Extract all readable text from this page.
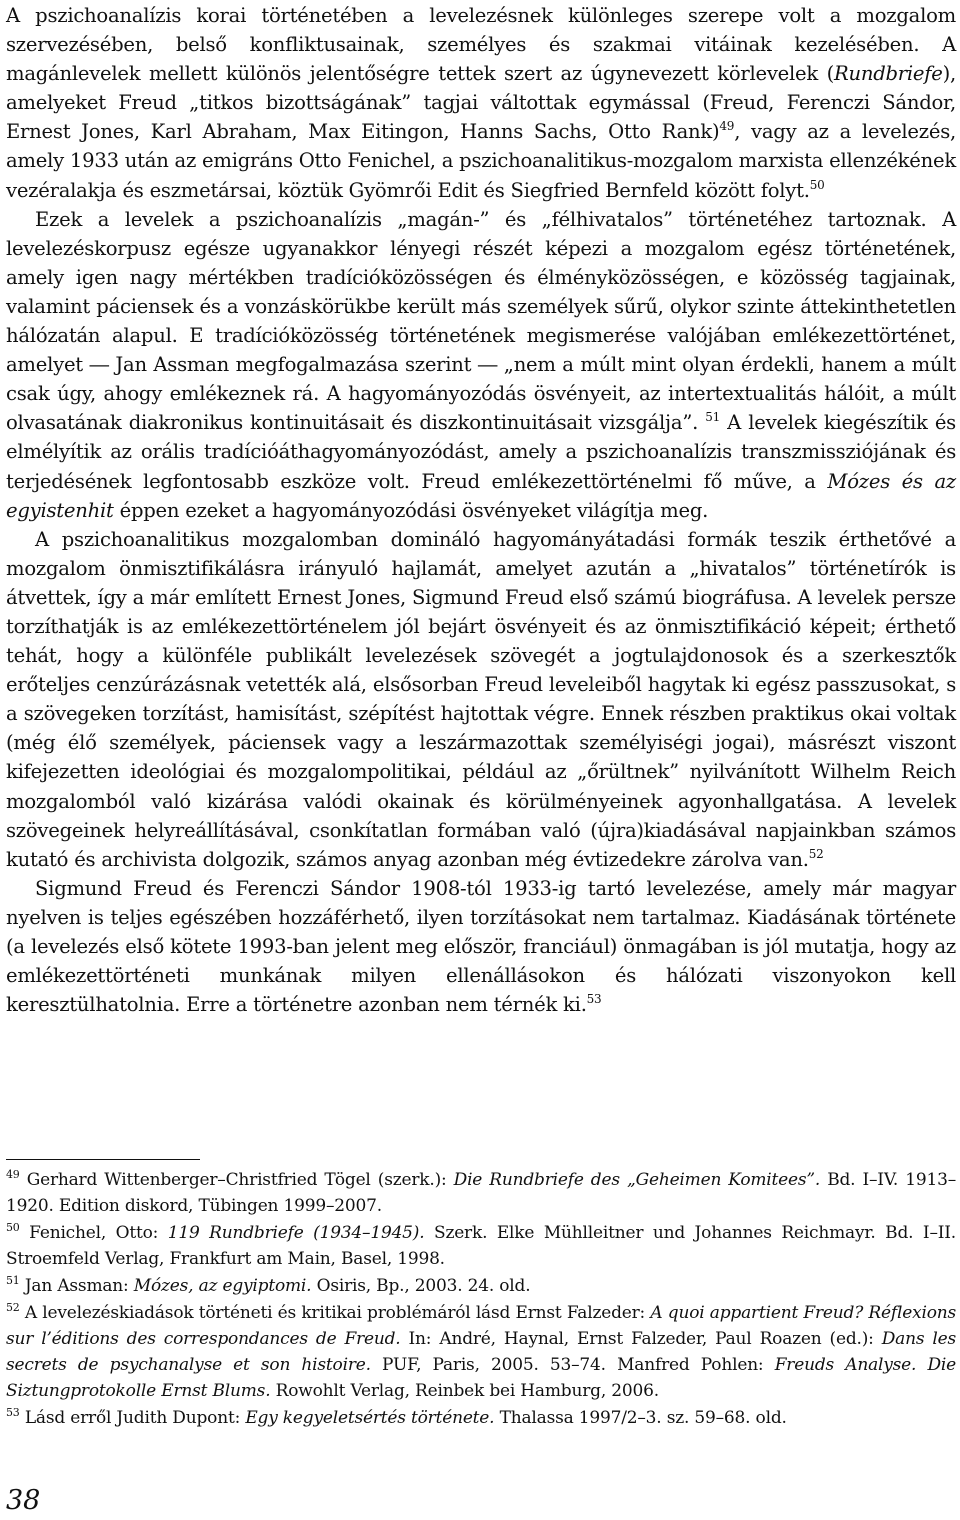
A pszichoanalízis korai történetében a levelezésnek különleges szerepe volt a mozgalom szervezésében, belső konfliktusainak, személyes és szakmai vitáinak kezelésében. A magánlevelek mellett különös jelentőségre tettek szert az úgynevezett körlevelek (Rundbriefe), amelyeket Freud „titkos bizottságának” tagjai váltottak egymással (Freud, Ferenczi Sándor, Ernest Jones, Karl Abraham, Max Eitingon, Hanns Sachs, Otto Rank)$^{49}$, vagy az a levelezés, amely 1933 után az emigráns Otto Fenichel, a pszichoanalitikus-mozgalom marxista ellenzékének vezéralakja és eszmetársai, köztük Gyömrői Edit és Siegfried Bernfeld között folyt.$^{50}$

Ezek a levelek a pszichoanalízis „magán-” és „félhivatalos” történetéhez tartoznak. A levelezéskorpusz egésze ugyanakkor lényegi részét képezi a mozgalom egész történetének, amely igen nagy mértékben tradícióközösségen és élményközösségen, e közösség tagjainak, valamint páciensek és a vonzáskörükbe került más személyek sűrű, olykor szinte áttekinthetetlen hálózatán alapul. E tradícióközösség történetének megismerése valójában emlékezettörténet, amelyet ― Jan Assman megfogalmazása szerint ― „nem a múlt mint olyan érdekli, hanem a múlt csak úgy, ahogy emlékeznek rá. A hagyományozódás ösvényeit, az intertextualitás hálóit, a múlt olvasatának diakronikus kontinuitásait és diszkontinuitásait vizsgálja”. $^{51}$ A levelek kiegészítik és elmélyítik az orális tradícióáthagyományozódást, amely a pszichoanalízis transzmissziójának és terjedésének legfontosabb eszköze volt. Freud emlékezettörténelmi fő műve, a Mózes és az egyistenhit éppen ezeket a hagyományozódási ösvényeket világítja meg.

A pszichoanalitikus mozgalomban domináló hagyományátadási formák teszik érthetővé a mozgalom önmisztifikálásra irányuló hajlamát, amelyet azután a „hivatalos” történetírók is átvettek, így a már említett Ernest Jones, Sigmund Freud első számú biográfusa. A levelek persze torzíthatják is az emlékezettörténelem jól bejárt ösvényeit és az önmisztifikáció képeit; érthető tehát, hogy a különféle publikált levelezések szövegét a jogtulajdonosok és a szerkesztők erőteljes cenzúrázásnak vetették alá, elsősorban Freud leveleiből hagytak ki egész passzusokat, s a szövegeken torzítást, hamisítást, szépítést hajtottak végre. Ennek részben praktikus okai voltak (még élő személyek, páciensek vagy a leszármazottak személyiségi jogai), másrészt viszont kifejezetten ideológiai és mozgalompolitikai, például az „őrültnek” nyilvánított Wilhelm Reich mozgalomból való kizárása valódi okainak és körülményeinek agyonhallgatása. A levelek szövegeinek helyreállításával, csonkítatlan formában való (újra)kiadásával napjainkban számos kutató és archivista dolgozik, számos anyag azonban még évtizedekre zárolva van.$^{52}$

Sigmund Freud és Ferenczi Sándor 1908-tól 1933-ig tartó levelezése, amely már magyar nyelven is teljes egészében hozzáférhető, ilyen torzításokat nem tartalmaz. Kiadásának története (a levelezés első kötete 1993-ban jelent meg először, franciául) önmagában is jól mutatja, hogy az emlékezettörténeti munkának milyen ellenállásokon és hálózati viszonyokon kell keresztülhatolnia. Erre a történetre azonban nem térnék ki.$^{53}$

$^{49}$ Gerhard Wittenberger–Christfried Tögel (szerk.): Die Rundbriefe des „Geheimen Komitees”. Bd. I–IV. 1913–1920. Edition diskord, Tübingen 1999–2007.

$^{50}$ Fenichel, Otto: 119 Rundbriefe (1934–1945). Szerk. Elke Mühlleitner und Johannes Reichmayr. Bd. I–II. Stroemfeld Verlag, Frankfurt am Main, Basel, 1998.

$^{51}$ Jan Assman: Mózes, az egyiptomi. Osiris, Bp., 2003. 24. old.

$^{52}$ A levelezéskiadások történeti és kritikai problémáról lásd Ernst Falzeder: A quoi appartient Freud? Réflexions sur l’éditions des correspondances de Freud. In: André, Haynal, Ernst Falzeder, Paul Roazen (ed.): Dans les secrets de psychanalyse et son histoire. PUF, Paris, 2005. 53–74. Manfred Pohlen: Freuds Analyse. Die Siztungprotokolle Ernst Blums. Rowohlt Verlag, Reinbek bei Hamburg, 2006.

$^{53}$ Lásd erről Judith Dupont: Egy kegyeletsértés története. Thalassa 1997/2–3. sz. 59–68. old.

38
